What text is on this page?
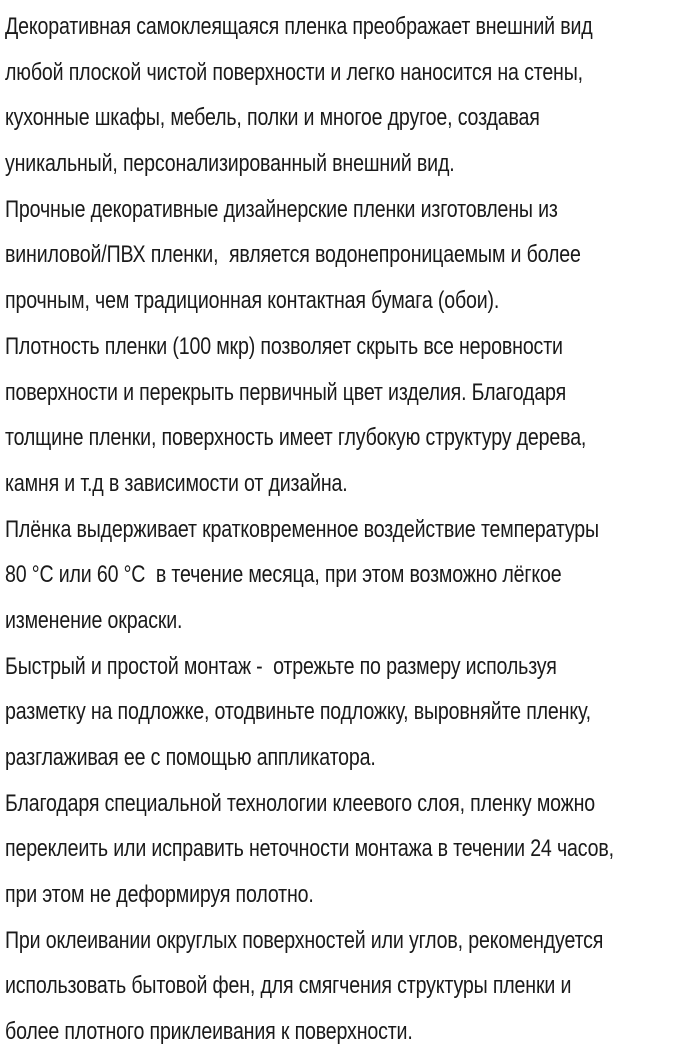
Декоративная самоклеящаяся пленка преображает внешний вид
любой плоской чистой поверхности и легко наносится на стены,
кухонные шкафы, мебель, полки и многое другое, создавая
уникальный, персонализированный внешний вид.
Прочные декоративные дизайнерские пленки изготовлены из
виниловой/ПВХ пленки,  является водонепроницаемым и более
прочным, чем традиционная контактная бумага (обои).
Плотность пленки (100 мкр) позволяет скрыть все неровности
поверхности и перекрыть первичный цвет изделия. Благодаря
толщине пленки, поверхность имеет глубокую структуру дерева,
камня и т.д в зависимости от дизайна.
Плёнка выдерживает кратковременное воздействие температуры
80 °C или 60 °C  в течение месяца, при этом возможно лёгкое
изменение окраски.
Быстрый и простой монтаж -  отрежьте по размеру используя
разметку на подложке, отодвиньте подложку, выровняйте пленку,
разглаживая ее с помощью аппликатора.
Благодаря специальной технологии клеевого слоя, пленку можно
переклеить или исправить неточности монтажа в течении 24 часов,
при этом не деформируя полотно.
При оклеивании округлых поверхностей или углов, рекомендуется
использовать бытовой фен, для смягчения структуры пленки и
более плотного приклеивания к поверхности.
